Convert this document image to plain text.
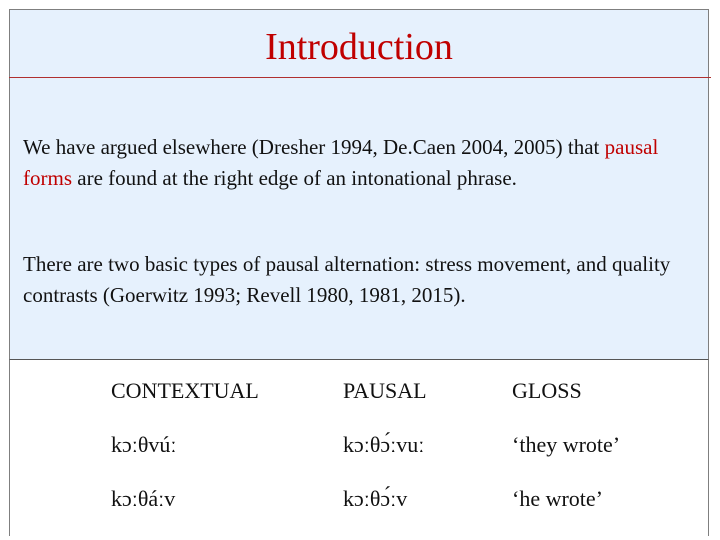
Introduction
We have argued elsewhere (Dresher 1994, De.Caen 2004, 2005) that pausal forms are found at the right edge of an intonational phrase.
There are two basic types of pausal alternation: stress movement, and quality contrasts (Goerwitz 1993; Revell 1980, 1981, 2015).
CONTEXTUAL	PAUSAL	GLOSS
kɔːθvúː	kɔːθɔ́ːvuː	‘they wrote’
kɔːθáːv	kɔːθɔ́ːv	‘he wrote’
